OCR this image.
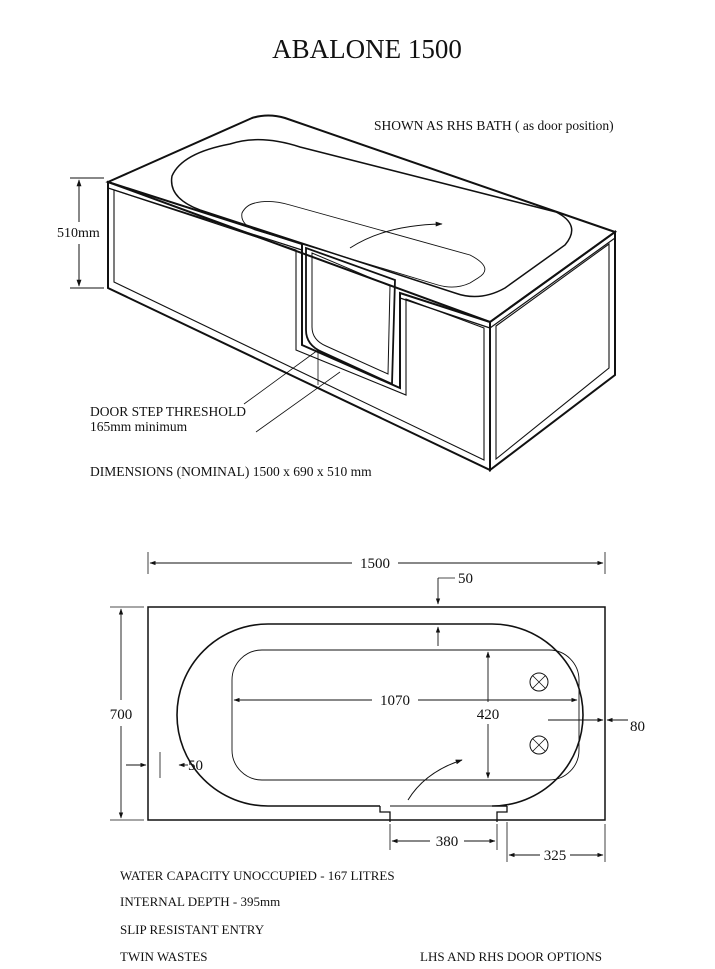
ABALONE 1500
SHOWN AS RHS BATH ( as door position)
510mm
DOOR STEP THRESHOLD
165mm minimum
DIMENSIONS (NOMINAL) 1500 x 690 x 510 mm
1500
700
50
50
1070
420
80
380
325
WATER CAPACITY UNOCCUPIED - 167 LITRES
INTERNAL DEPTH - 395mm
SLIP RESISTANT ENTRY
TWIN WASTES	LHS AND RHS DOOR OPTIONS
